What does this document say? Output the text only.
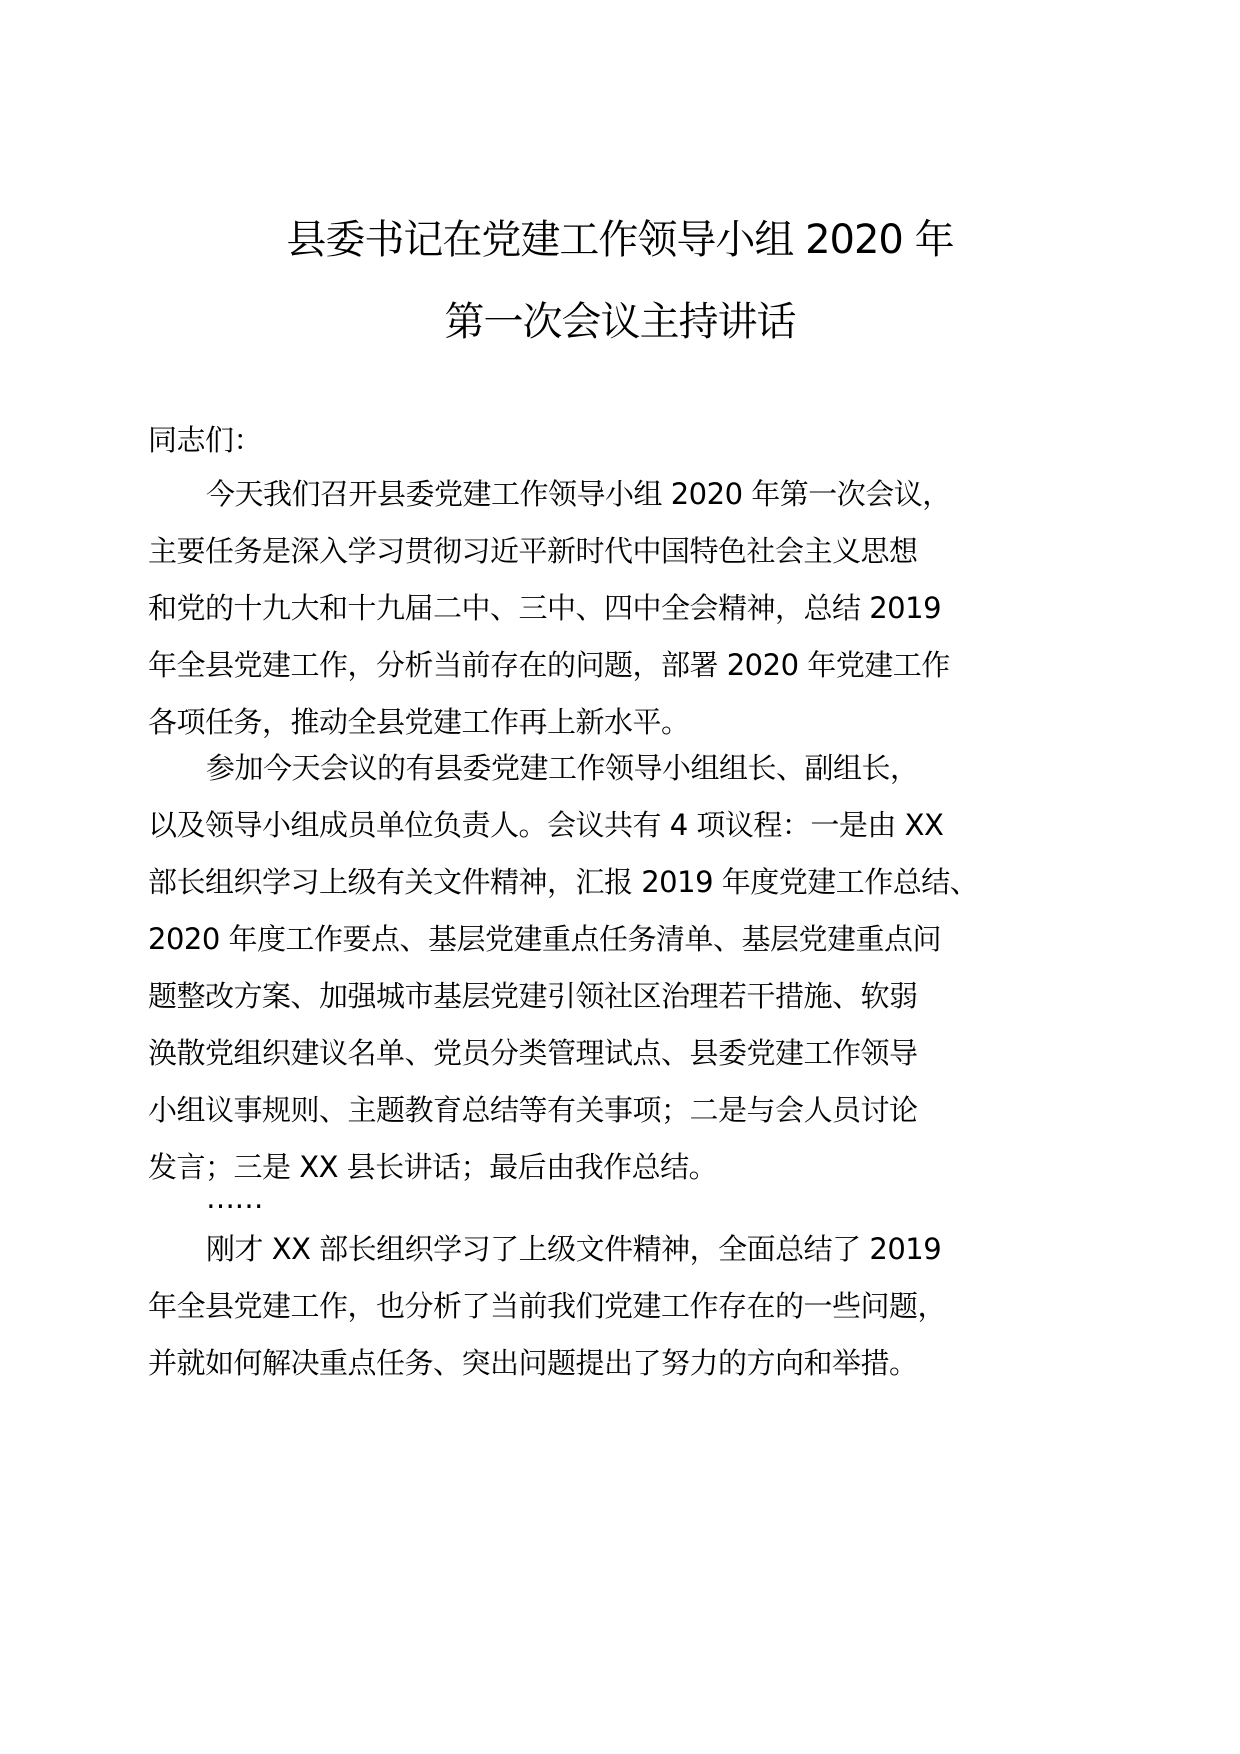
县委书记在党建工作领导小组 2020 年
第一次会议主持讲话
同志们：
今天我们召开县委党建工作领导小组 2020 年第一次会议，
主要任务是深入学习贯彻习近平新时代中国特色社会主义思想
和党的十九大和十九届二中、三中、四中全会精神，总结 2019
年全县党建工作，分析当前存在的问题，部署 2020 年党建工作
各项任务，推动全县党建工作再上新水平。
参加今天会议的有县委党建工作领导小组组长、副组长，
以及领导小组成员单位负责人。会议共有 4 项议程：一是由 XX
部长组织学习上级有关文件精神，汇报 2019 年度党建工作总结、
2020 年度工作要点、基层党建重点任务清单、基层党建重点问
题整改方案、加强城市基层党建引领社区治理若干措施、软弱
涣散党组织建议名单、党员分类管理试点、县委党建工作领导
小组议事规则、主题教育总结等有关事项；二是与会人员讨论
发言；三是 XX 县长讲话；最后由我作总结。
……
刚才 XX 部长组织学习了上级文件精神，全面总结了 2019
年全县党建工作，也分析了当前我们党建工作存在的一些问题，
并就如何解决重点任务、突出问题提出了努力的方向和举措。
